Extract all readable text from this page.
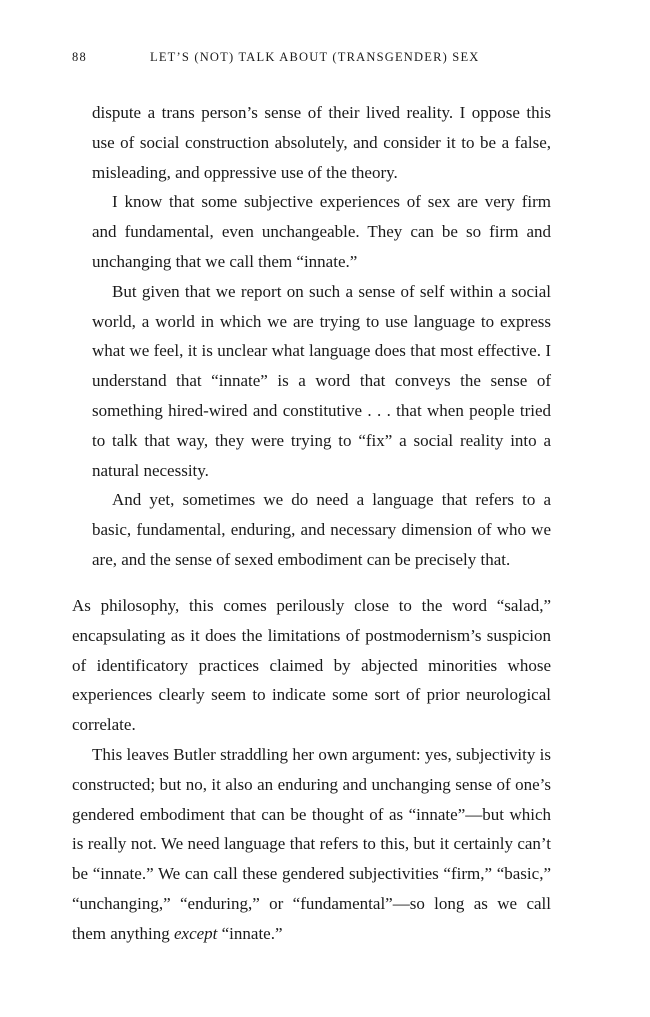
88	LET’S (NOT) TALK ABOUT (TRANSGENDER) SEX

dispute a trans person’s sense of their lived reality. I oppose this use of social construction absolutely, and consider it to be a false, misleading, and oppressive use of the theory.

I know that some subjective experiences of sex are very firm and fundamental, even unchangeable. They can be so firm and unchanging that we call them “innate.”

But given that we report on such a sense of self within a social world, a world in which we are trying to use language to express what we feel, it is unclear what language does that most effective. I understand that “innate” is a word that conveys the sense of something hired-wired and constitutive . . . that when people tried to talk that way, they were trying to “fix” a social reality into a natural necessity.

And yet, sometimes we do need a language that refers to a basic, fundamental, enduring, and necessary dimension of who we are, and the sense of sexed embodiment can be precisely that.

As philosophy, this comes perilously close to the word “salad,” encapsulating as it does the limitations of postmodernism’s suspicion of identificatory practices claimed by abjected minorities whose experiences clearly seem to indicate some sort of prior neurological correlate.

This leaves Butler straddling her own argument: yes, subjectivity is constructed; but no, it also an enduring and unchanging sense of one’s gendered embodiment that can be thought of as “innate”—but which is really not. We need language that refers to this, but it certainly can’t be “innate.” We can call these gendered subjectivities “firm,” “basic,” “unchanging,” “enduring,” or “fundamental”—so long as we call them anything except “innate.”
